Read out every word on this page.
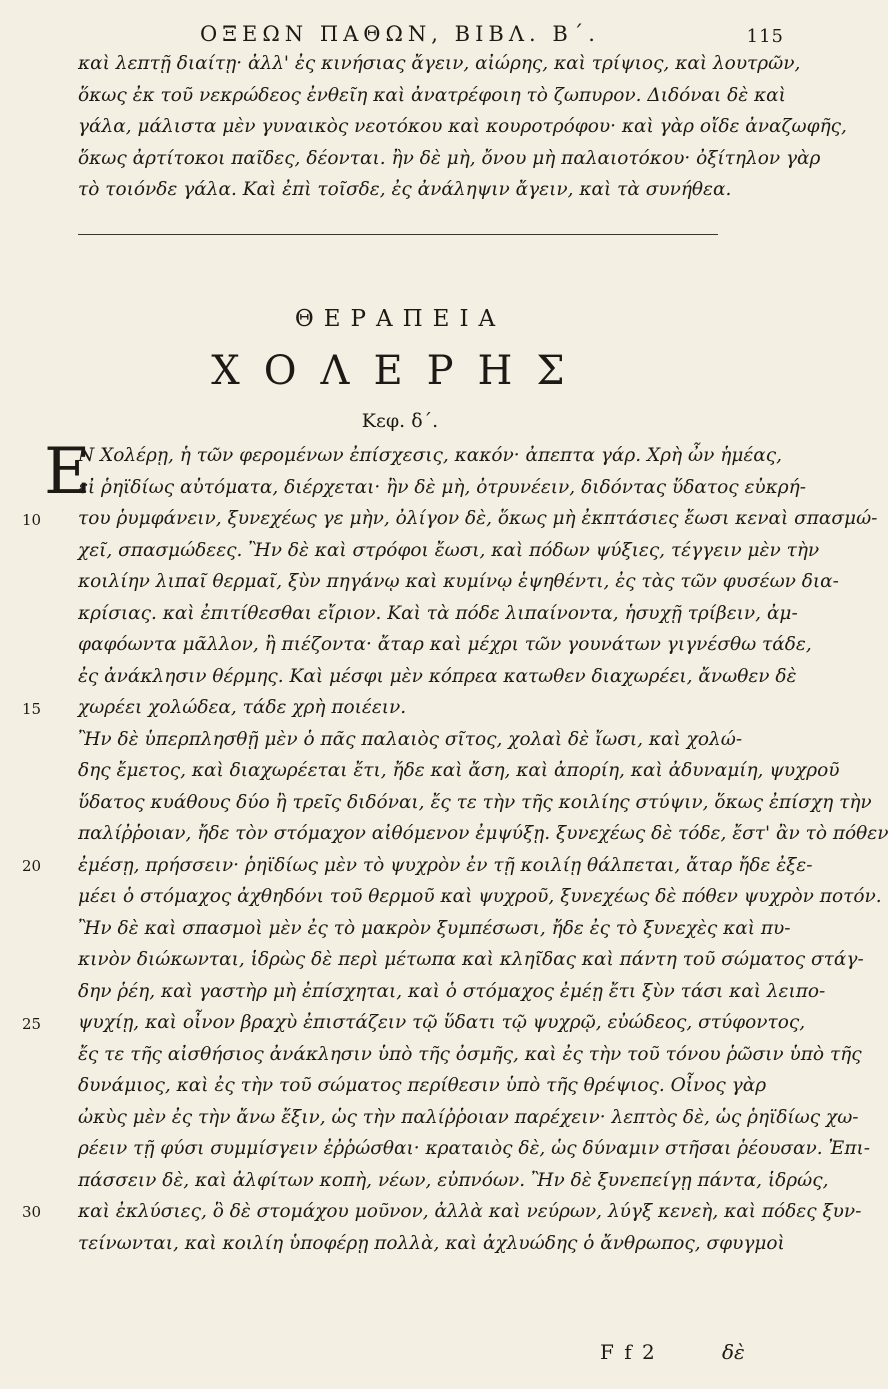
ΟΞΕΩΝ ΠΑΘΩΝ, ΒΙΒΛ. Β΄.	115
καὶ λεπτῇ διαίτῃ· ἀλλ' ἐς κινήσιας ἄγειν, αἰώρης, καὶ τρίψιος, καὶ λουτρῶν,
ὅκως ἐκ τοῦ νεκρώδεος ἐνθεῖη καὶ ἀνατρέφοιη τὸ ζωπυρον. Διδόναι δὲ καὶ
γάλα, μάλιστα μὲν γυναικὸς νεοτόκου καὶ κουροτρόφου· καὶ γὰρ οἴδε ἀναζωφῆς,
ὅκως ἀρτίτοκοι παῖδες, δέονται. ἢν δὲ μὴ, ὄνου μὴ παλαιοτόκου· ὀξίτηλον γὰρ
τὸ τοιόνδε γάλα. Καὶ ἐπὶ τοῖσδε, ἐς ἀνάληψιν ἄγειν, καὶ τὰ συνήθεα.
ΘΕΡΑΠΕΙΑ
ΧΟΛΕΡΗΣ
Κεφ. δ΄.
E
N Χολέρῃ, ἡ τῶν φερομένων ἐπίσχεσις, κακόν· ἀπεπτα γάρ. Χρὴ ὦν ἡμέας,
εἰ ῥηϊδίως αὐτόματα, διέρχεται· ἢν δὲ μὴ, ὀτρυνέειν, διδόντας ὕδατος εὐκρή-
του ῥυμφάνειν, ξυνεχέως γε μὴν, ὀλίγον δὲ, ὅκως μὴ ἐκπτάσιες ἔωσι κεναὶ σπασμώ-
χεῖ, σπασμώδεες. Ἢν δὲ καὶ στρόφοι ἔωσι, καὶ πόδων ψύξιες, τέγγειν μὲν τὴν
κοιλίην λιπαῖ θερμαῖ, ξὺν πηγάνῳ καὶ κυμίνῳ ἑψηθέντι, ἐς τὰς τῶν φυσέων δια-
κρίσιας. καὶ ἐπιτίθεσθαι εἴριον. Καὶ τὰ πόδε λιπαίνοντα, ἡσυχῇ τρίβειν, ἀμ-
φαφόωντα μᾶλλον, ἢ πιέζοντα· ἄταρ καὶ μέχρι τῶν γουνάτων γιγνέσθω τάδε,
ἐς ἀνάκλησιν θέρμης. Καὶ μέσφι μὲν κόπρεα κατωθεν διαχωρέει, ἄνωθεν δὲ
χωρέει χολώδεα, τάδε χρὴ ποιέειν.
Ἢν δὲ ὑπερπλησθῇ μὲν ὁ πᾶς παλαιὸς σῖτος, χολαὶ δὲ ἴωσι, καὶ χολώ-
δης ἔμετος, καὶ διαχωρέεται ἔτι, ἤδε καὶ ἄση, καὶ ἀπορίη, καὶ ἀδυναμίη, ψυχροῦ
ὕδατος κυάθους δύο ἢ τρεῖς διδόναι, ἔς τε τὴν τῆς κοιλίης στύψιν, ὅκως ἐπίσχη τὴν
παλίῤῥοιαν, ἤδε τὸν στόμαχον αἰθόμενον ἐμψύξῃ. ξυνεχέως δὲ τόδε, ἔστ' ἂν τὸ πόθεν
ἐμέσῃ, πρήσσειν· ῥηϊδίως μὲν τὸ ψυχρὸν ἐν τῇ κοιλίῃ θάλπεται, ἄταρ ἤδε ἐξε-
μέει ὁ στόμαχος ἀχθηδόνι τοῦ θερμοῦ καὶ ψυχροῦ, ξυνεχέως δὲ πόθεν ψυχρὸν ποτόν.
Ἢν δὲ καὶ σπασμοὶ μὲν ἐς τὸ μακρὸν ξυμπέσωσι, ἤδε ἐς τὸ ξυνεχὲς καὶ πυ-
κινὸν διώκωνται, ἱδρὼς δὲ περὶ μέτωπα καὶ κληῖδας καὶ πάντη τοῦ σώματος στάγ-
δην ῥέη, καὶ γαστὴρ μὴ ἐπίσχηται, καὶ ὁ στόμαχος ἐμέῃ ἔτι ξὺν τάσι καὶ λειπο-
ψυχίῃ, καὶ οἶνον βραχὺ ἐπιστάζειν τῷ ὕδατι τῷ ψυχρῷ, εὐώδεος, στύφοντος,
ἔς τε τῆς αἰσθήσιος ἀνάκλησιν ὑπὸ τῆς ὀσμῆς, καὶ ἐς τὴν τοῦ τόνου ῥῶσιν ὑπὸ τῆς
δυνάμιος, καὶ ἐς τὴν τοῦ σώματος περίθεσιν ὑπὸ τῆς θρέψιος. Οἶνος γὰρ
ὠκὺς μὲν ἐς τὴν ἄνω ἔξιν, ὡς τὴν παλίῤῥοιαν παρέχειν· λεπτὸς δὲ, ὡς ῥηϊδίως χω-
ρέειν τῇ φύσι συμμίσγειν ἐῤῥώσθαι· κραταιὸς δὲ, ὡς δύναμιν στῆσαι ῥέουσαν. Ἐπι-
πάσσειν δὲ, καὶ ἀλφίτων κοπὴ, νέων, εὐπνόων. Ἢν δὲ ξυνεπείγῃ πάντα, ἱδρώς,
καὶ ἐκλύσιες, ὃ δὲ στομάχου μοῦνον, ἀλλὰ καὶ νεύρων, λύγξ κενεὴ, καὶ πόδες ξυν-
τείνωνται, καὶ κοιλίη ὑποφέρῃ πολλὰ, καὶ ἀχλυώδης ὁ ἄνθρωπος, σφυγμοὶ
10
15
20
25
30
F f 2	δὲ
